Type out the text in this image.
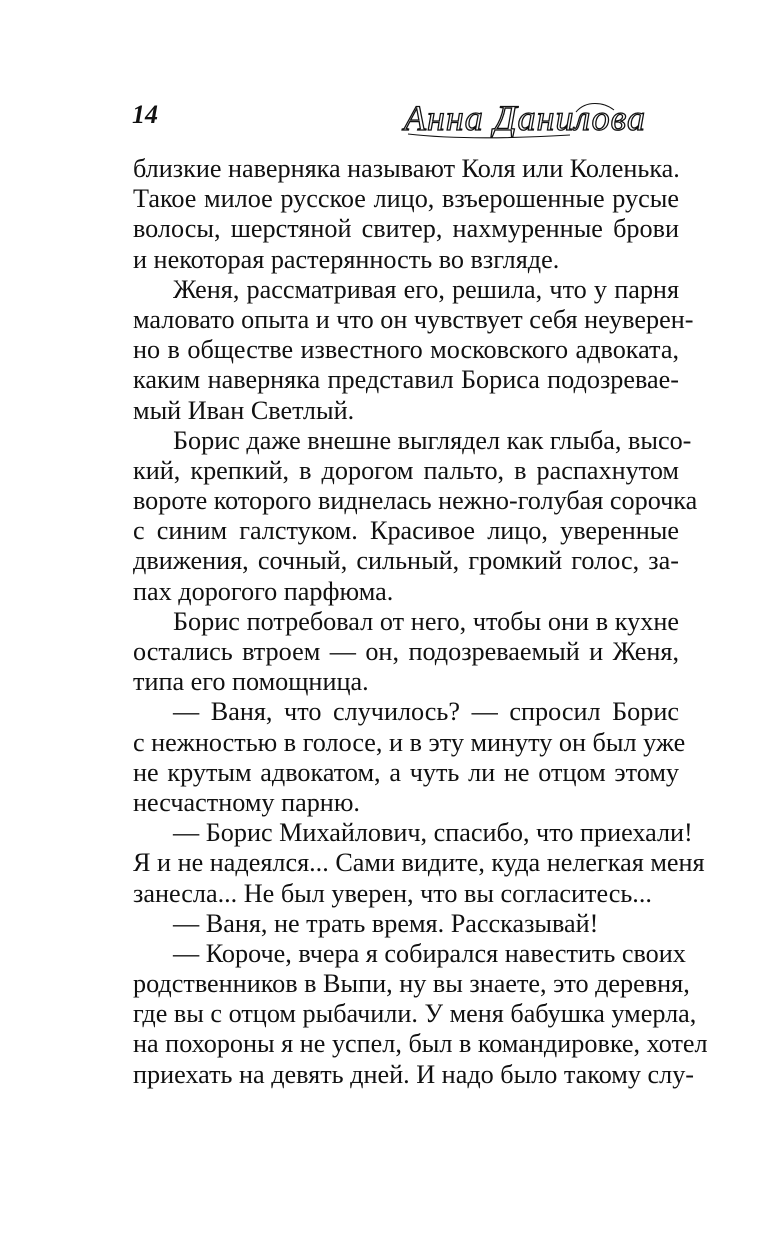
14	Анна Данилова
близкие наверняка называют Коля или Коленька.
Такое милое русское лицо, взъерошенные русые
волосы, шерстяной свитер, нахмуренные брови
и некоторая растерянность во взгляде.
Женя, рассматривая его, решила, что у парня
маловато опыта и что он чувствует себя неуверен-
но в обществе известного московского адвоката,
каким наверняка представил Бориса подозревае-
мый Иван Светлый.
Борис даже внешне выглядел как глыба, высо-
кий, крепкий, в дорогом пальто, в распахнутом
вороте которого виднелась нежно-голубая сорочка
с синим галстуком. Красивое лицо, уверенные
движения, сочный, сильный, громкий голос, за-
пах дорогого парфюма.
Борис потребовал от него, чтобы они в кухне
остались втроем — он, подозреваемый и Женя,
типа его помощница.
— Ваня, что случилось? — спросил Борис
с нежностью в голосе, и в эту минуту он был уже
не крутым адвокатом, а чуть ли не отцом этому
несчастному парню.
— Борис Михайлович, спасибо, что приехали!
Я и не надеялся... Сами видите, куда нелегкая меня
занесла... Не был уверен, что вы согласитесь...
— Ваня, не трать время. Рассказывай!
— Короче, вчера я собирался навестить своих
родственников в Выпи, ну вы знаете, это деревня,
где вы с отцом рыбачили. У меня бабушка умерла,
на похороны я не успел, был в командировке, хотел
приехать на девять дней. И надо было такому слу-
